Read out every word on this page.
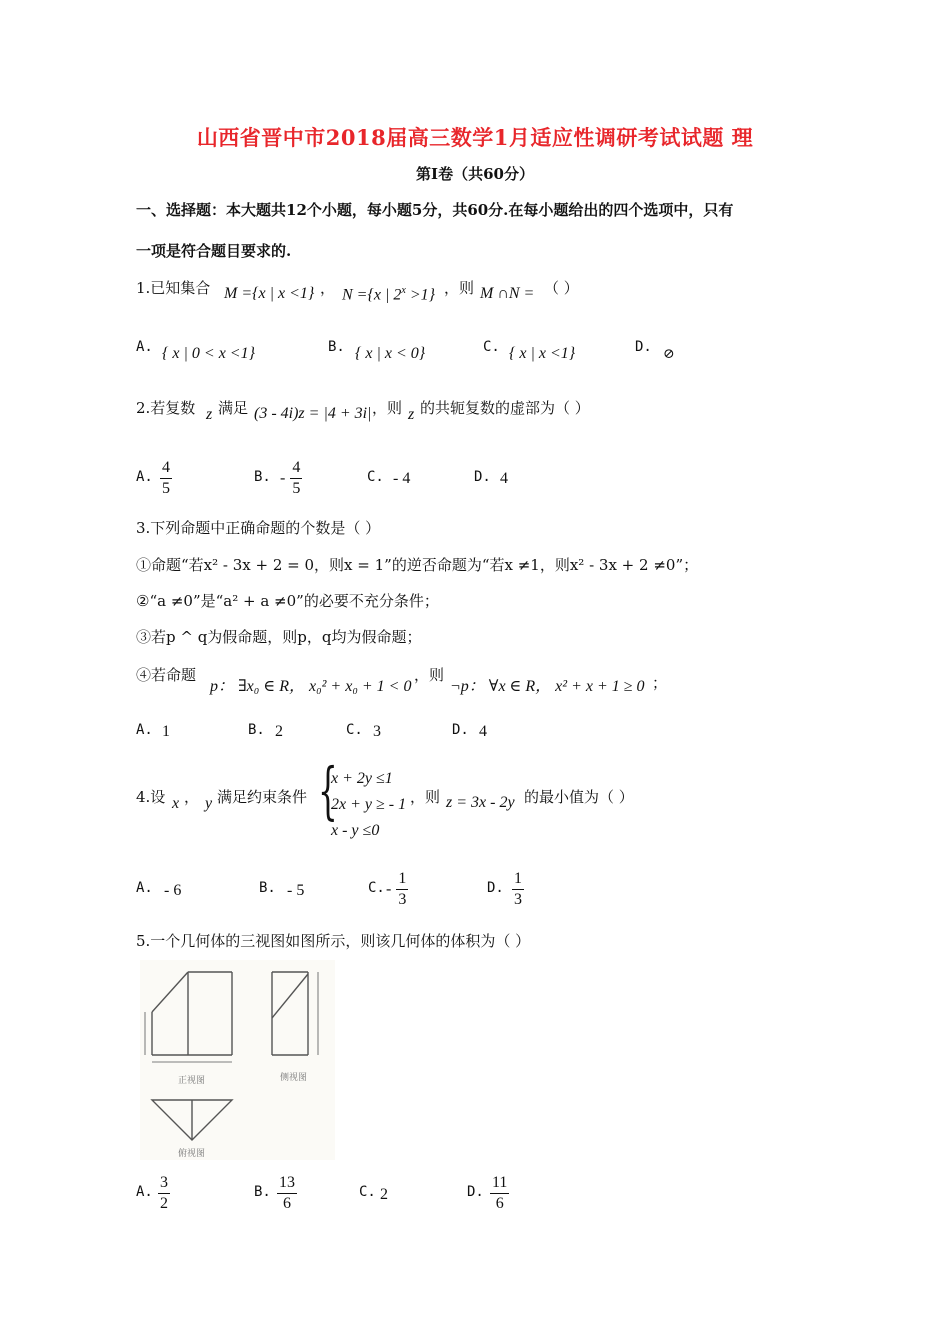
山西省晋中市2018届高三数学1月适应性调研考试试题 理
第Ⅰ卷（共60分）
一、选择题：本大题共12个小题，每小题5分，共60分.在每小题给出的四个选项中，只有
一项是符合题目要求的.
1.已知集合 M ={x | x <1} ， N ={x | $2^x >1$} ，则 M ∩N = （ ）
A. { x | 0 < x <1}	B. { x | x < 0}	C. { x | x <1}	D. ⊘
2.若复数 z 满足 (3 - 4i)z = |4 + 3i| ，则 z 的共轭复数的虚部为（ ）
A. $\frac{4}{5}$	B. - $\frac{4}{5}$	C. - 4	D. 4
3.下列命题中正确命题的个数是（ ）
①命题“若x² - 3x + 2 = 0，则x = 1”的逆否命题为“若x ≠1，则x² - 3x + 2 ≠0”；
②“a ≠0”是“a² + a ≠0”的必要不充分条件；
③若p ^ q为假命题，则p，q均为假命题；
④若命题
p： ∃x₀ ∈ R， x₀² + x₀ + 1 < 0
，则
¬p： ∀x ∈ R， x² + x + 1 ≥ 0 ；
A. 1	B. 2	C. 3	D. 4
4.设 x ， y 满足约束条件 {
x + 2y ≤1
2x + y ≥ - 1
x - y ≤0
，则 z = 3x - 2y 的最小值为（ ）
A. - 6	B. - 5	C. - $\frac{1}{3}$	D. $\frac{1}{3}$
5.一个几何体的三视图如图所示，则该几何体的体积为（ ）
正视图	侧视图
俯视图
A. $\frac{3}{2}$	B. $\frac{13}{6}$	C. 2	D. $\frac{11}{6}$
